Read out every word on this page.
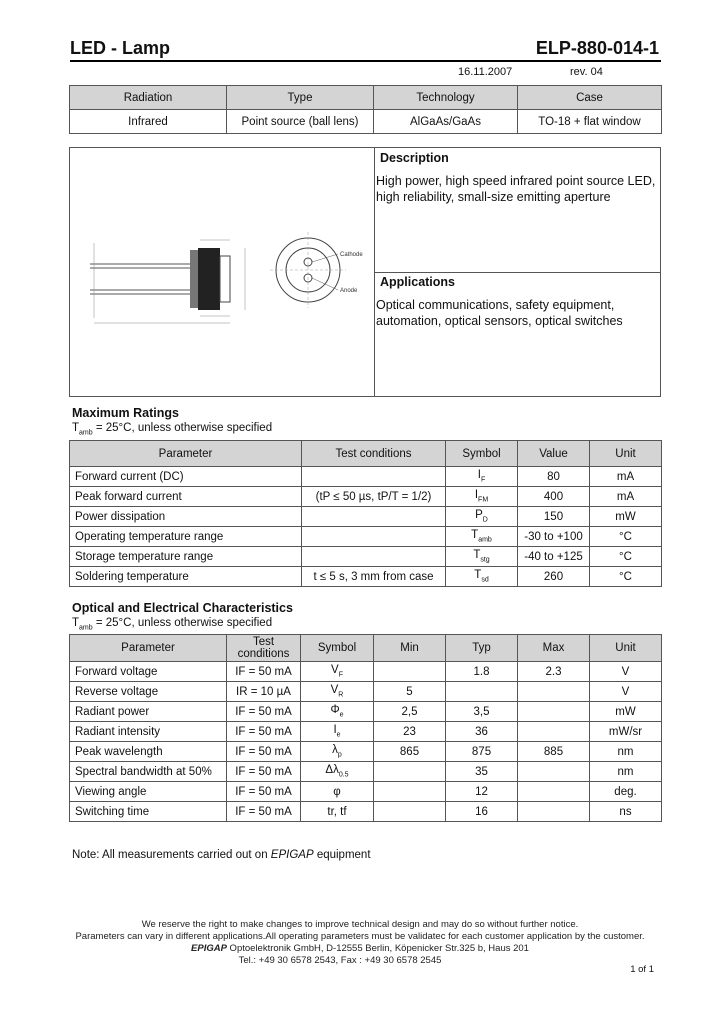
LED - Lamp	ELP-880-014-1
16.11.2007	rev. 04
Radiation	Type	Technology	Case
Infrared	Point source (ball lens)	AlGaAs/GaAs	TO-18 + flat window
Cathode
Anode
Description
High power, high speed infrared point source LED,
high reliability, small-size emitting aperture
Applications
Optical communications, safety equipment,
automation, optical sensors, optical switches
Maximum Ratings
$T_{amb} = 25^\circ C$, unless otherwise specified
Parameter	Test conditions	Symbol	Value	Unit
Forward current (DC)		$I_F$	80	mA
Peak forward current	(tP ≤ 50 µs, tP/T = 1/2)	$I_{FM}$	400	mA
Power dissipation		$P_D$	150	mW
Operating temperature range		$T_{amb}$	-30 to +100	°C
Storage temperature range		$T_{stg}$	-40 to +125	°C
Soldering temperature	t ≤ 5 s, 3 mm from case	$T_{sd}$	260	°C
Optical and Electrical Characteristics
$T_{amb} = 25^\circ C$, unless otherwise specified
Parameter	Test conditions	Symbol	Min	Typ	Max	Unit
Forward voltage	IF = 50 mA	$V_F$		1.8	2.3	V
Reverse voltage	IR = 10 µA	$V_R$	5			V
Radiant power	IF = 50 mA	$\Phi_e$	2,5	3,5		mW
Radiant intensity	IF = 50 mA	$I_e$	23	36		mW/sr
Peak wavelength	IF = 50 mA	$\lambda_p$	865	875	885	nm
Spectral bandwidth at 50%	IF = 50 mA	$\Delta\lambda_{0.5}$		35		nm
Viewing angle	IF = 50 mA	φ		12		deg.
Switching time	IF = 50 mA	tr, tf		16		ns
Note: All measurements carried out on EPIGAP equipment
We reserve the right to make changes to improve technical design and may do so without further notice.
Parameters can vary in different applications.All operating parameters must be validatec for each customer application by the customer.
EPIGAP Optoelektronik GmbH, D-12555 Berlin, Köpenicker Str.325 b, Haus 201
Tel.: +49 30 6578 2543, Fax : +49 30 6578 2545
1 of 1
